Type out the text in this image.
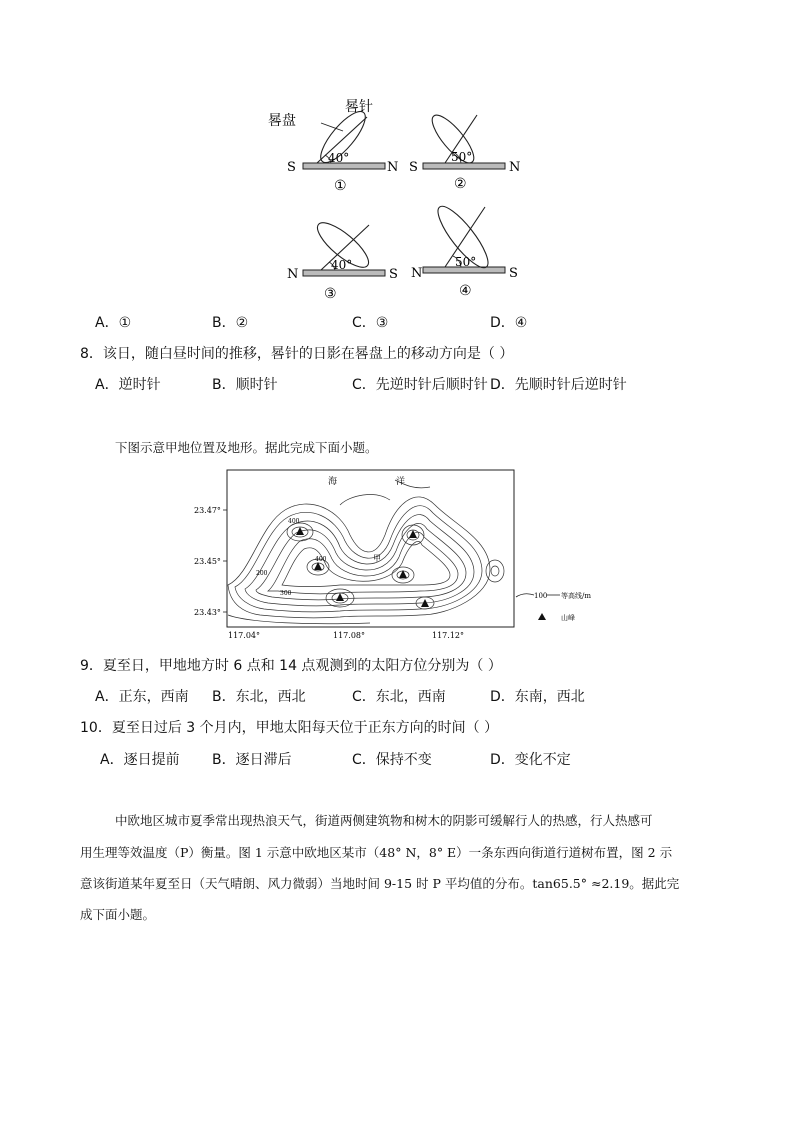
晷盘
晷针
40°
S	N
①
50°
S	N
②
40°
N	S
③
50°
N	S
④
A．①	B．②	C．③	D．④
8．该日，随白昼时间的推移，晷针的日影在晷盘上的移动方向是（ ）
A．逆时针	B．顺时针	C．先逆时针后顺时针 D．先顺时针后逆时针
下图示意甲地位置及地形。据此完成下面小题。
海	洋
甲
400
400
200
300
23.47°
23.45°
23.43°
117.04°	117.08°	117.12°
100 等高线/m
山峰
9．夏至日，甲地地方时 6 点和 14 点观测到的太阳方位分别为（ ）
A．正东，西南 B．东北，西北	C．东北，西南	D．东南，西北
10．夏至日过后 3 个月内，甲地太阳每天位于正东方向的时间（ ）
A．逐日提前 B．逐日滞后	C．保持不变	D．变化不定
中欧地区城市夏季常出现热浪天气，街道两侧建筑物和树木的阴影可缓解行人的热感，行人热感可
用生理等效温度（P）衡量。图 1 示意中欧地区某市（48° N，8° E）一条东西向街道行道树布置，图 2 示
意该街道某年夏至日（天气晴朗、风力微弱）当地时间 9-15 时 P 平均值的分布。tan65.5° ≈2.19。据此完
成下面小题。
